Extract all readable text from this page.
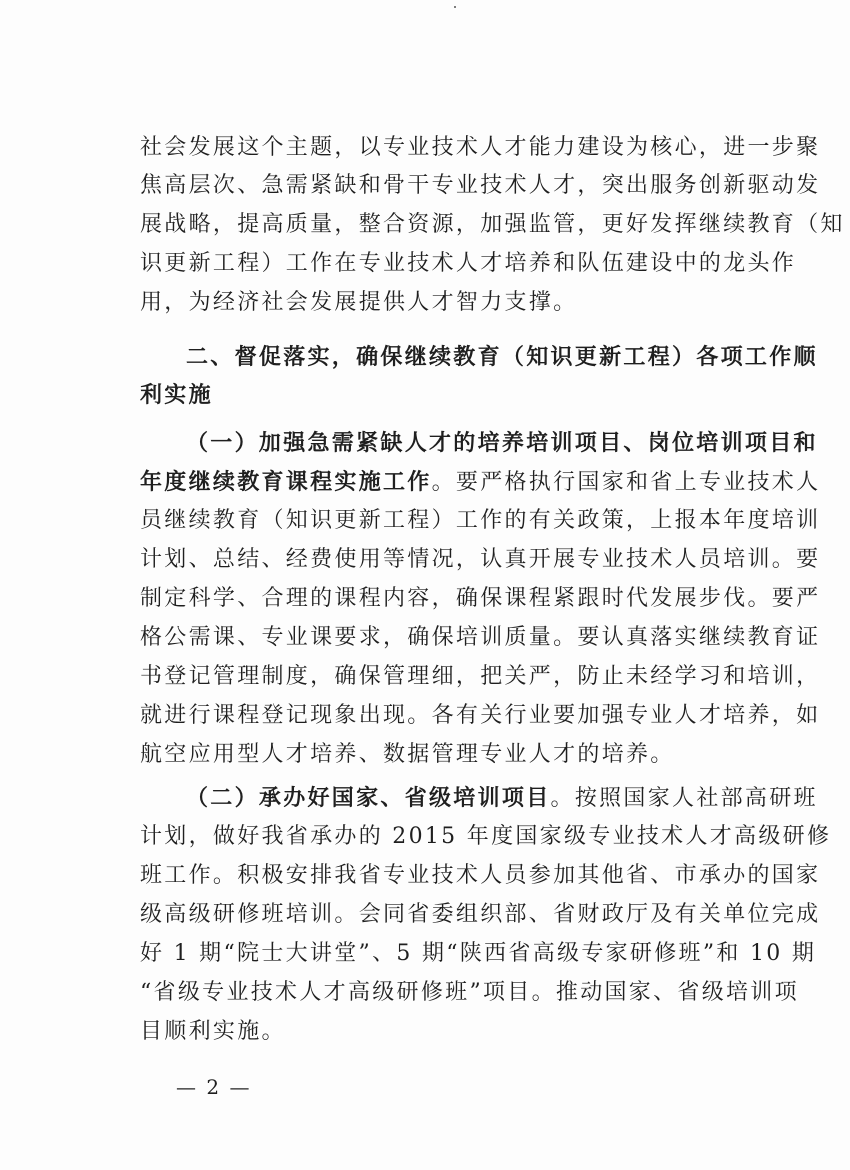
社会发展这个主题，以专业技术人才能力建设为核心，进一步聚
焦高层次、急需紧缺和骨干专业技术人才，突出服务创新驱动发
展战略，提高质量，整合资源，加强监管，更好发挥继续教育（知
识更新工程）工作在专业技术人才培养和队伍建设中的龙头作
用，为经济社会发展提供人才智力支撑。
二、督促落实，确保继续教育（知识更新工程）各项工作顺
利实施
（一）加强急需紧缺人才的培养培训项目、岗位培训项目和
年度继续教育课程实施工作。要严格执行国家和省上专业技术人
员继续教育（知识更新工程）工作的有关政策，上报本年度培训
计划、总结、经费使用等情况，认真开展专业技术人员培训。要
制定科学、合理的课程内容，确保课程紧跟时代发展步伐。要严
格公需课、专业课要求，确保培训质量。要认真落实继续教育证
书登记管理制度，确保管理细，把关严，防止未经学习和培训，
就进行课程登记现象出现。各有关行业要加强专业人才培养，如
航空应用型人才培养、数据管理专业人才的培养。
（二）承办好国家、省级培训项目。按照国家人社部高研班
计划，做好我省承办的 2015 年度国家级专业技术人才高级研修
班工作。积极安排我省专业技术人员参加其他省、市承办的国家
级高级研修班培训。会同省委组织部、省财政厅及有关单位完成
好 1 期“院士大讲堂”、5 期“陕西省高级专家研修班”和 10 期
“省级专业技术人才高级研修班”项目。推动国家、省级培训项
目顺利实施。
— 2 —
